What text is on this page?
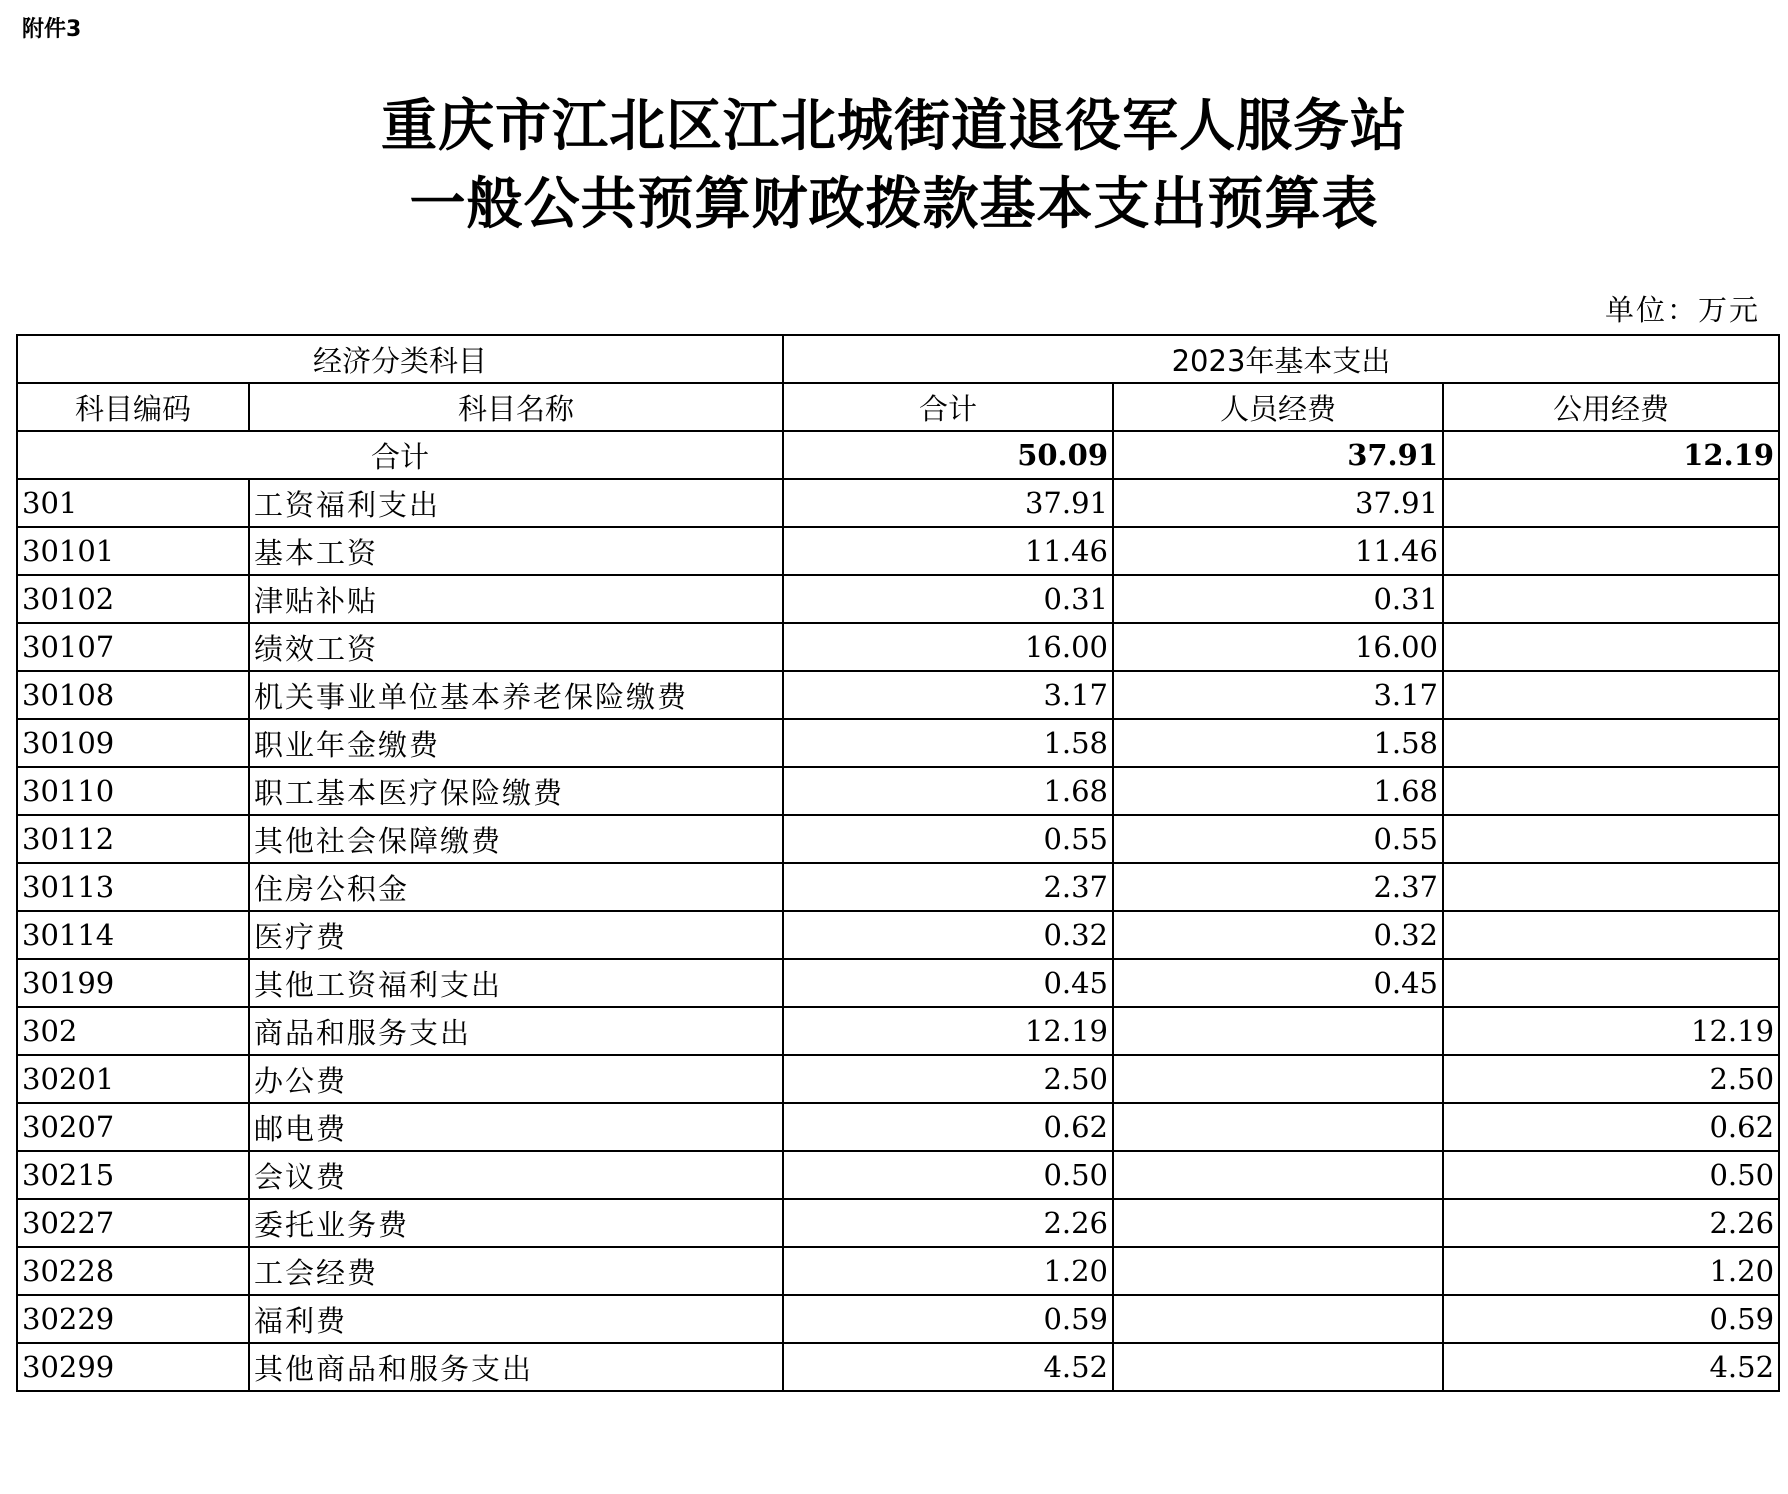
附件3
重庆市江北区江北城街道退役军人服务站
一般公共预算财政拨款基本支出预算表
单位：万元
经济分类科目		2023年基本支出		
科目编码	科目名称	合计	人员经费	公用经费
合计		50.09	37.91	12.19
301	工资福利支出	37.91	37.91	
30101	基本工资	11.46	11.46	
30102	津贴补贴	0.31	0.31	
30107	绩效工资	16.00	16.00	
30108	机关事业单位基本养老保险缴费	3.17	3.17	
30109	职业年金缴费	1.58	1.58	
30110	职工基本医疗保险缴费	1.68	1.68	
30112	其他社会保障缴费	0.55	0.55	
30113	住房公积金	2.37	2.37	
30114	医疗费	0.32	0.32	
30199	其他工资福利支出	0.45	0.45	
302	商品和服务支出	12.19		12.19
30201	办公费	2.50		2.50
30207	邮电费	0.62		0.62
30215	会议费	0.50		0.50
30227	委托业务费	2.26		2.26
30228	工会经费	1.20		1.20
30229	福利费	0.59		0.59
30299	其他商品和服务支出	4.52		4.52
